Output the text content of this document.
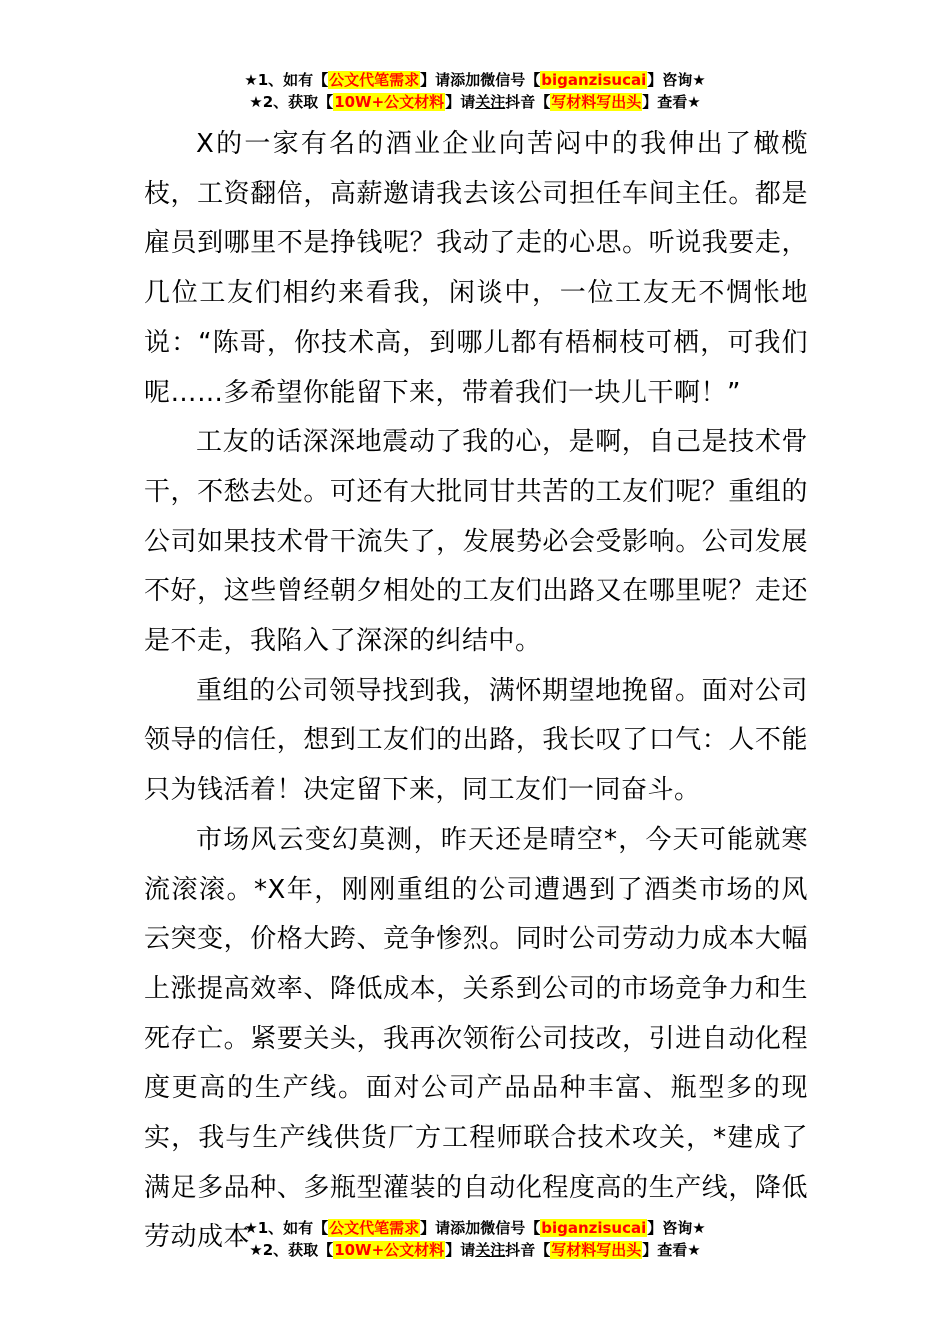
★1、如有【公文代笔需求】请添加微信号【biganzisucai】咨询★
★2、获取【10W+公文材料】请关注抖音【写材料写出头】查看★

X的一家有名的酒业企业向苦闷中的我伸出了橄榄枝，工资翻倍，高薪邀请我去该公司担任车间主任。都是雇员到哪里不是挣钱呢？我动了走的心思。听说我要走，几位工友们相约来看我，闲谈中，一位工友无不惆怅地说：“陈哥，你技术高，到哪儿都有梧桐枝可栖，可我们呢……多希望你能留下来，带着我们一块儿干啊！”

工友的话深深地震动了我的心，是啊，自己是技术骨干，不愁去处。可还有大批同甘共苦的工友们呢？重组的公司如果技术骨干流失了，发展势必会受影响。公司发展不好，这些曾经朝夕相处的工友们出路又在哪里呢？走还是不走，我陷入了深深的纠结中。

重组的公司领导找到我，满怀期望地挽留。面对公司领导的信任，想到工友们的出路，我长叹了口气：人不能只为钱活着！决定留下来，同工友们一同奋斗。

市场风云变幻莫测，昨天还是晴空*，今天可能就寒流滚滚。*X年，刚刚重组的公司遭遇到了酒类市场的风云突变，价格大跨、竞争惨烈。同时公司劳动力成本大幅上涨提高效率、降低成本，关系到公司的市场竞争力和生死存亡。紧要关头，我再次领衔公司技改，引进自动化程度更高的生产线。面对公司产品品种丰富、瓶型多的现实，我与生产线供货厂方工程师联合技术攻关，*建成了满足多品种、多瓶型灌装的自动化程度高的生产线，降低劳动成本

★1、如有【公文代笔需求】请添加微信号【biganzisucai】咨询★
★2、获取【10W+公文材料】请关注抖音【写材料写出头】查看★
